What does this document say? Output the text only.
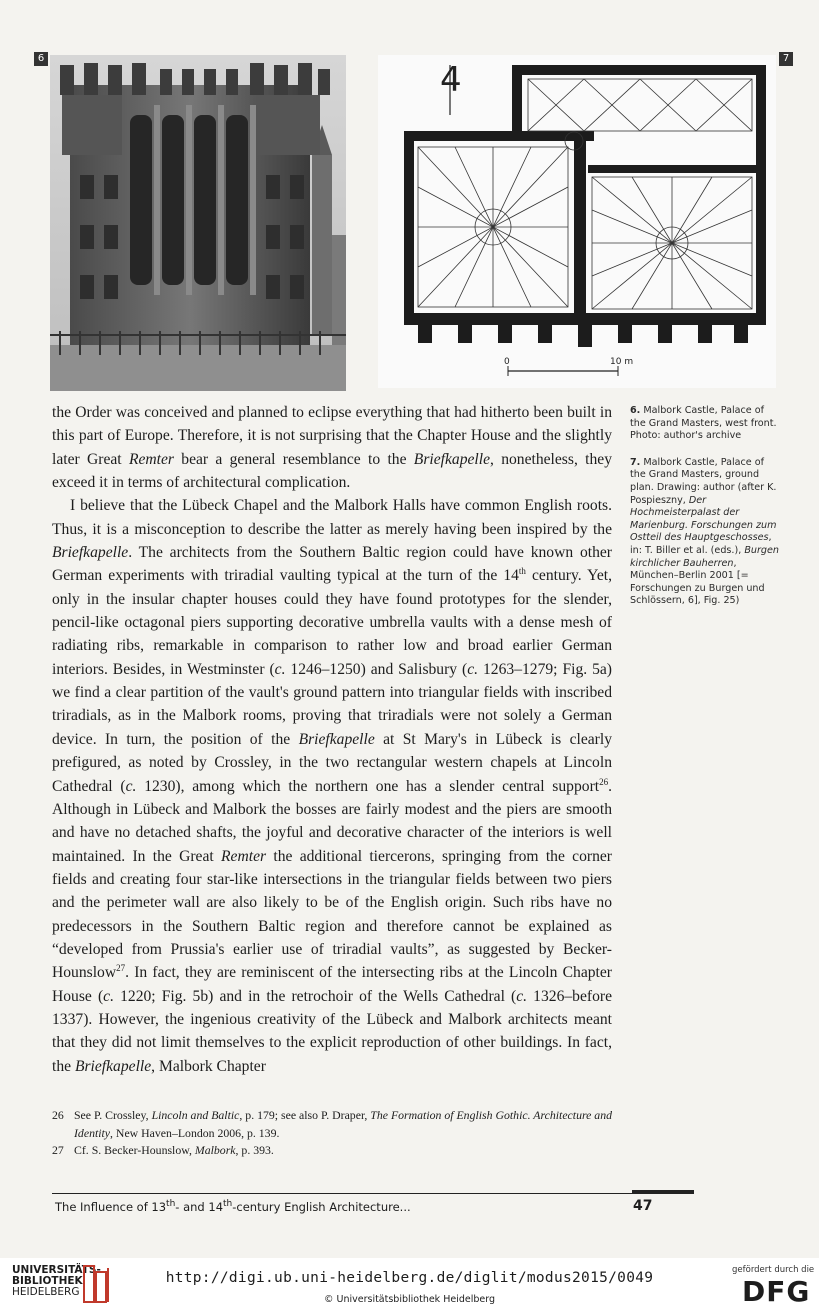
6	7
4
0	10 m

6. Malbork Castle, Palace of the Grand Masters, west front. Photo: author's archive

7. Malbork Castle, Palace of the Grand Masters, ground plan. Drawing: author (after K. Pospieszny, Der Hochmeisterpalast der Marienburg. Forschungen zum Ostteil des Hauptgeschosses, in: T. Biller et al. (eds.), Burgen kirchlicher Bauherren, München–Berlin 2001 [= Forschungen zu Burgen und Schlössern, 6], Fig. 25)

the Order was conceived and planned to eclipse everything that had hitherto been built in this part of Europe. Therefore, it is not surprising that the Chapter House and the slightly later Great Remter bear a general resemblance to the Briefkapelle, nonetheless, they exceed it in terms of architectural complication.

I believe that the Lübeck Chapel and the Malbork Halls have common English roots. Thus, it is a misconception to describe the latter as merely having been inspired by the Briefkapelle. The architects from the Southern Baltic region could have known other German experiments with triradial vaulting typical at the turn of the 14th century. Yet, only in the insular chapter houses could they have found prototypes for the slender, pencil-like octagonal piers supporting decorative umbrella vaults with a dense mesh of radiating ribs, remarkable in comparison to rather low and broad earlier German interiors. Besides, in Westminster (c. 1246–1250) and Salisbury (c. 1263–1279; Fig. 5a) we find a clear partition of the vault's ground pattern into triangular fields with inscribed triradials, as in the Malbork rooms, proving that triradials were not solely a German device. In turn, the position of the Briefkapelle at St Mary's in Lübeck is clearly prefigured, as noted by Crossley, in the two rectangular western chapels at Lincoln Cathedral (c. 1230), among which the northern one has a slender central support$^{26}$. Although in Lübeck and Malbork the bosses are fairly modest and the piers are smooth and have no detached shafts, the joyful and decorative character of the interiors is well maintained. In the Great Remter the additional tiercerons, springing from the corner fields and creating four star-like intersections in the triangular fields between two piers and the perimeter wall are also likely to be of the English origin. Such ribs have no predecessors in the Southern Baltic region and therefore cannot be explained as “developed from Prussia's earlier use of triradial vaults”, as suggested by Becker-Hounslow$^{27}$. In fact, they are reminiscent of the intersecting ribs at the Lincoln Chapter House (c. 1220; Fig. 5b) and in the retrochoir of the Wells Cathedral (c. 1326–before 1337). However, the ingenious creativity of the Lübeck and Malbork architects meant that they did not limit themselves to the explicit reproduction of other buildings. In fact, the Briefkapelle, Malbork Chapter

26 See P. Crossley, Lincoln and Baltic, p. 179; see also P. Draper, The Formation of English Gothic. Architecture and Identity, New Haven–London 2006, p. 139.
27 Cf. S. Becker-Hounslow, Malbork, p. 393.
The Influence of 13th- and 14th-century English Architecture...	47
UNIVERSITÄTS-
BIBLIOTHEK
HEIDELBERG
http://digi.ub.uni-heidelberg.de/diglit/modus2015/0049
© Universitätsbibliothek Heidelberg
gefördert durch die
DFG
